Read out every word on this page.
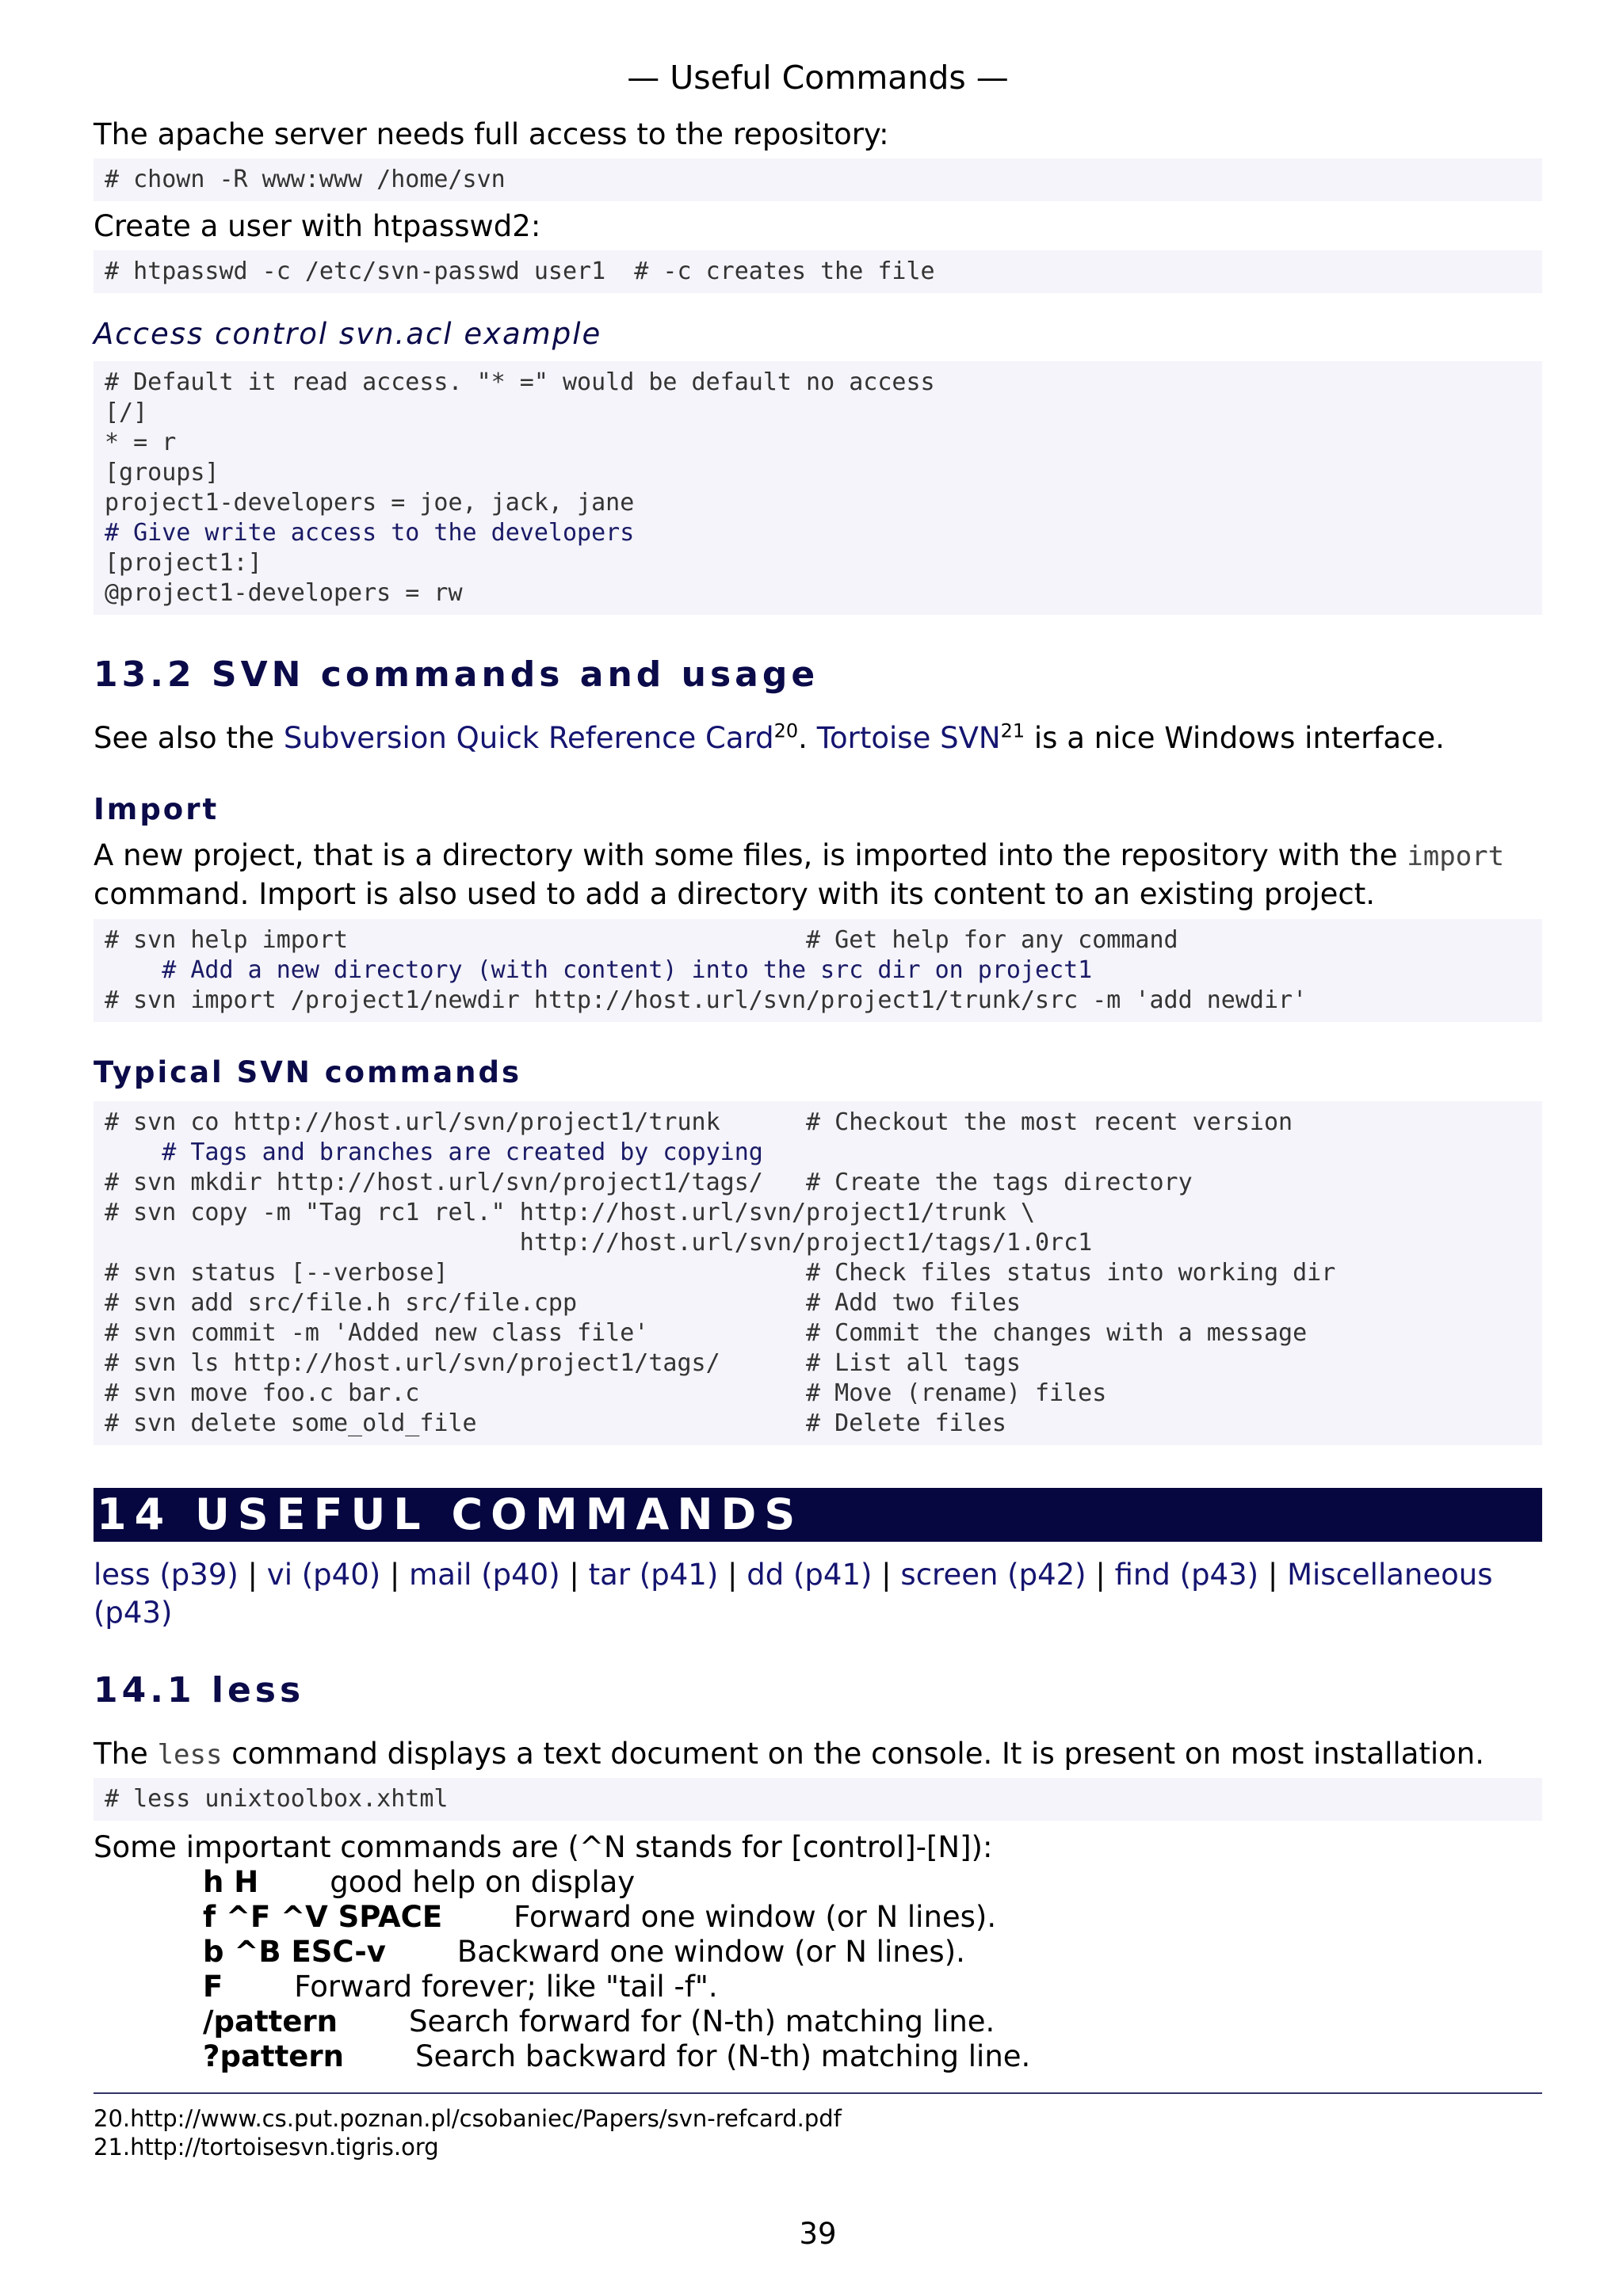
— Useful Commands —
The apache server needs full access to the repository:
# chown -R www:www /home/svn
Create a user with htpasswd2:
# htpasswd -c /etc/svn-passwd user1  # -c creates the file
Access control svn.acl example
# Default it read access. "* =" would be default no access
[/]
* = r
[groups]
project1-developers = joe, jack, jane
# Give write access to the developers
[project1:]
@project1-developers = rw
13.2 SVN commands and usage
See also the Subversion Quick Reference Card$^{20}$. Tortoise SVN$^{21}$ is a nice Windows interface.
Import
A new project, that is a directory with some files, is imported into the repository with the import
command. Import is also used to add a directory with its content to an existing project.
# svn help import                                # Get help for any command
# Add a new directory (with content) into the src dir on project1
# svn import /project1/newdir http://host.url/svn/project1/trunk/src -m 'add newdir'
Typical SVN commands
# svn co http://host.url/svn/project1/trunk      # Checkout the most recent version
# Tags and branches are created by copying
# svn mkdir http://host.url/svn/project1/tags/   # Create the tags directory
# svn copy -m "Tag rc1 rel." http://host.url/svn/project1/trunk \
http://host.url/svn/project1/tags/1.0rc1
# svn status [--verbose]                         # Check files status into working dir
# svn add src/file.h src/file.cpp                # Add two files
# svn commit -m 'Added new class file'           # Commit the changes with a message
# svn ls http://host.url/svn/project1/tags/      # List all tags
# svn move foo.c bar.c                           # Move (rename) files
# svn delete some_old_file                       # Delete files
14 USEFUL COMMANDS
less (p39) | vi (p40) | mail (p40) | tar (p41) | dd (p41) | screen (p42) | find (p43) | Miscellaneous
(p43)
14.1 less
The less command displays a text document on the console. It is present on most installation.
# less unixtoolbox.xhtml
Some important commands are (^N stands for [control]-[N]):
h H good help on display
f ^F ^V SPACE Forward one window (or N lines).
b ^B ESC-v Backward one window (or N lines).
F Forward forever; like "tail -f".
/pattern Search forward for (N-th) matching line.
?pattern Search backward for (N-th) matching line.
20.http://www.cs.put.poznan.pl/csobaniec/Papers/svn-refcard.pdf
21.http://tortoisesvn.tigris.org
39
